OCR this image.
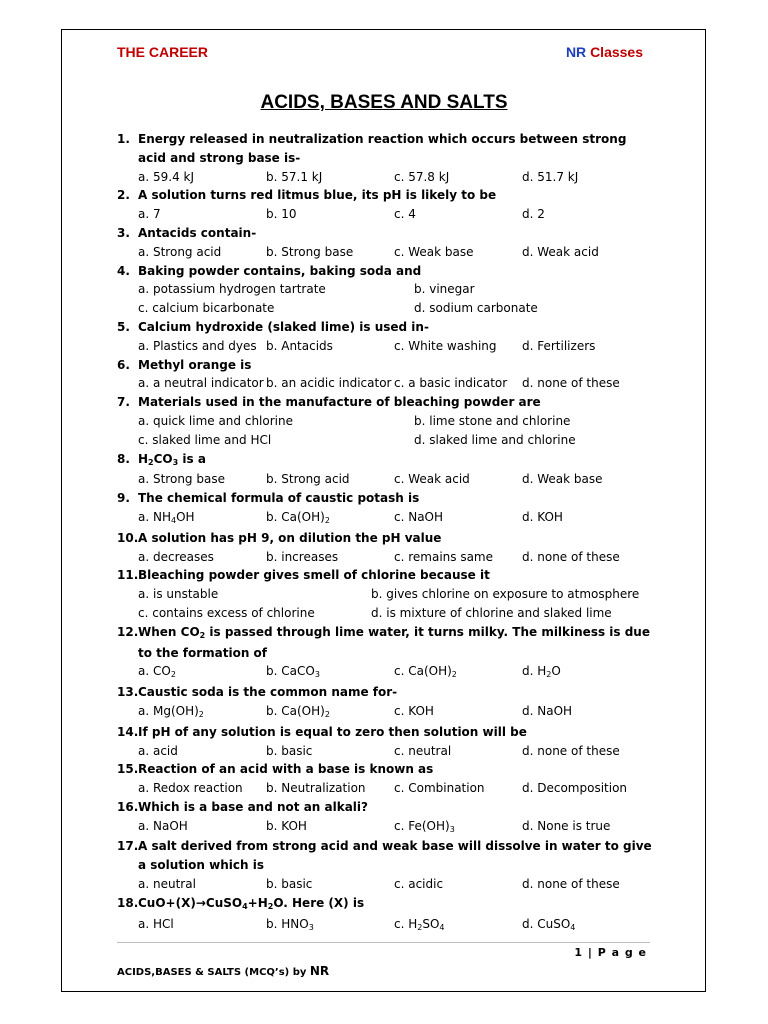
THE CAREER	NR Classes
ACIDS, BASES AND SALTS
1. Energy released in neutralization reaction which occurs between strong acid and strong base is-
a. 59.4 kJ	b. 57.1 kJ	c. 57.8 kJ	d. 51.7 kJ
2. A solution turns red litmus blue, its pH is likely to be
a. 7	b. 10	c. 4	d. 2
3. Antacids contain-
a. Strong acid	b. Strong base	c. Weak base	d. Weak acid
4. Baking powder contains, baking soda and
a. potassium hydrogen tartrate	b. vinegar
c. calcium bicarbonate	d. sodium carbonate
5. Calcium hydroxide (slaked lime) is used in-
a. Plastics and dyes b. Antacids	c. White washing	d. Fertilizers
6. Methyl orange is
a. a neutral indicator b. an acidic indicator c. a basic indicator	d. none of these
7. Materials used in the manufacture of bleaching powder are
a. quick lime and chlorine	b. lime stone and chlorine
c. slaked lime and HCl	d. slaked lime and chlorine
8. H2CO3 is a
a. Strong base	b. Strong acid	c. Weak acid	d. Weak base
9. The chemical formula of caustic potash is
a. NH4OH	b. Ca(OH)2	c. NaOH	d. KOH
10. A solution has pH 9, on dilution the pH value
a. decreases	b. increases	c. remains same	d. none of these
11. Bleaching powder gives smell of chlorine because it
a. is unstable	b. gives chlorine on exposure to atmosphere
c. contains excess of chlorine	d. is mixture of chlorine and slaked lime
12. When CO2 is passed through lime water, it turns milky. The milkiness is due to the formation of
a. CO2	b. CaCO3	c. Ca(OH)2	d. H2O
13. Caustic soda is the common name for-
a. Mg(OH)2	b. Ca(OH)2	c. KOH	d. NaOH
14. If pH of any solution is equal to zero then solution will be
a. acid	b. basic	c. neutral	d. none of these
15. Reaction of an acid with a base is known as
a. Redox reaction	b. Neutralization	c. Combination	d. Decomposition
16. Which is a base and not an alkali?
a. NaOH	b. KOH	c. Fe(OH)3	d. None is true
17. A salt derived from strong acid and weak base will dissolve in water to give a solution which is
a. neutral	b. basic	c. acidic	d. none of these
18. CuO+(X)→CuSO4+H2O. Here (X) is
a. HCl	b. HNO3	c. H2SO4	d. CuSO4
1 | P a g e
ACIDS,BASES & SALTS (MCQ’s) by NR
